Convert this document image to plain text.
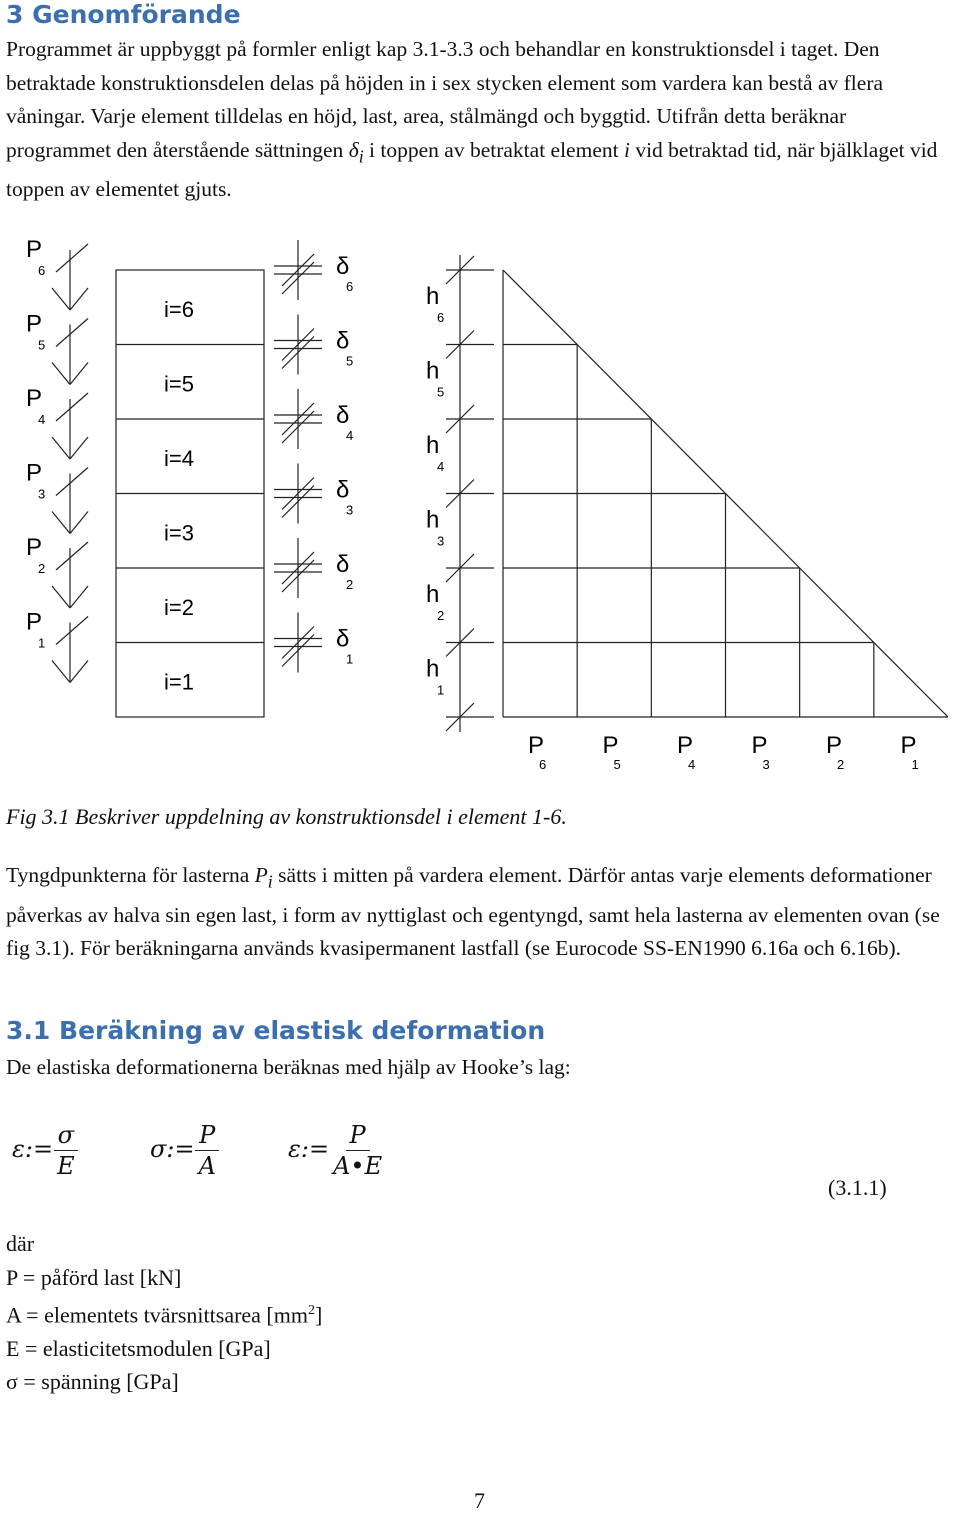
3 Genomförande

Programmet är uppbyggt på formler enligt kap 3.1-3.3 och behandlar en konstruktionsdel i taget. Den betraktade konstruktionsdelen delas på höjden in i sex stycken element som vardera kan bestå av flera våningar. Varje element tilldelas en höjd, last, area, stålmängd och byggtid. Utifrån detta beräknar programmet den återstående sättningen $\delta_i$ i toppen av betraktat element i vid betraktad tid, när bjälklaget vid toppen av elementet gjuts.

P
6
P
5
P
4
P
3
P
2
P
1
i=6
i=5
i=4
i=3
i=2
i=1
δ
6
δ
5
δ
4
δ
3
δ
2
δ
1
h
6
h
5
h
4
h
3
h
2
h
1
P
6
P
5
P
4
P
3
P
2
P
1

Fig 3.1 Beskriver uppdelning av konstruktionsdel i element 1-6.

Tyngdpunkterna för lasterna $P_i$ sätts i mitten på vardera element. Därför antas varje elements deformationer påverkas av halva sin egen last, i form av nyttiglast och egentyngd, samt hela lasterna av elementen ovan (se fig 3.1). För beräkningarna används kvasipermanent lastfall (se Eurocode SS-EN1990 6.16a och 6.16b).

3.1 Beräkning av elastisk deformation

De elastiska deformationerna beräknas med hjälp av Hooke’s lag:

ε:= $\frac{\sigma}{E}$	σ:= $\frac{P}{A}$	ε:= $\frac{P}{A•E}$
(3.1.1)
där
P = påförd last [kN]
A = elementets tvärsnittsarea $[mm^2]$
E = elasticitetsmodulen [GPa]
σ = spänning [GPa]
7
